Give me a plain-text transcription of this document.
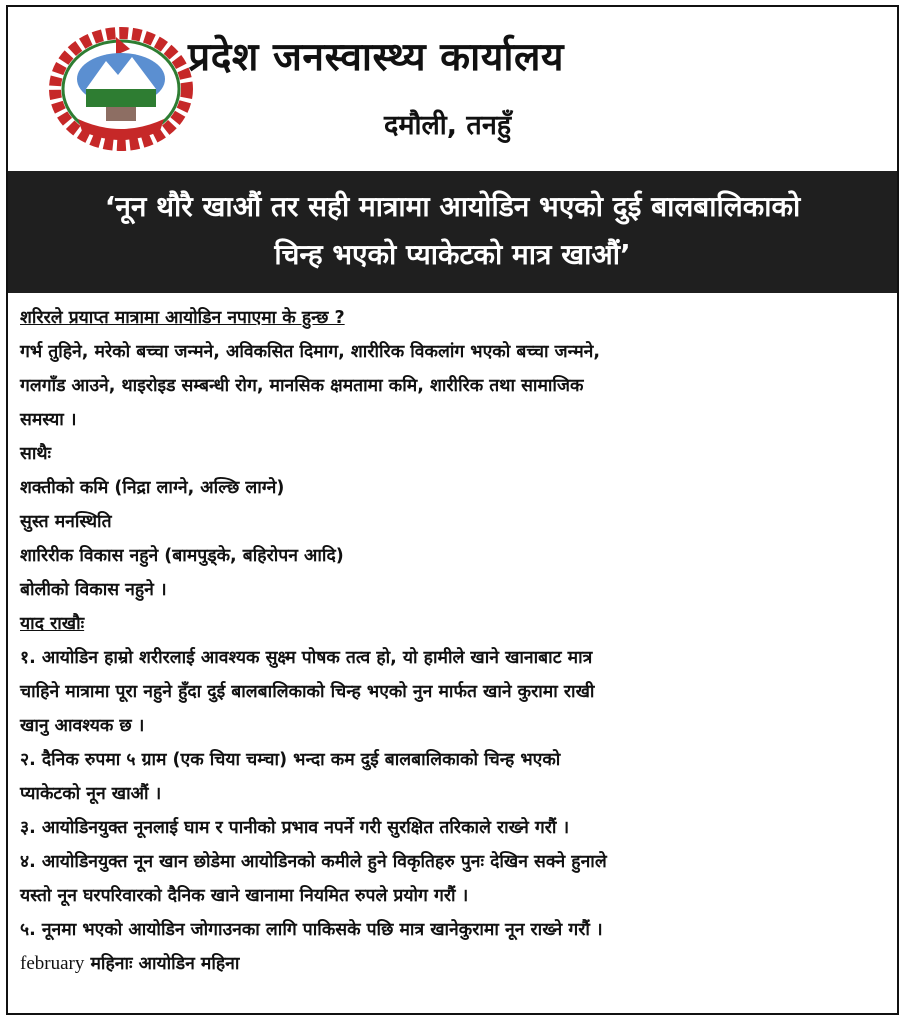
प्रदेश जनस्वास्थ्य कार्यालय
दमौली, तनहुँ
‘नून थौरै खाऔं तर सही मात्रामा आयोडिन भएको दुई बालबालिकाको
चिन्ह भएको प्याकेटको मात्र खाऔं’

शरिरले प्रयाप्त मात्रामा आयोडिन नपाएमा के हुन्छ ?

गर्भ तुहिने, मरेको बच्चा जन्मने, अविकसित दिमाग, शारीरिक विकलांग भएको बच्चा जन्मने,

गलगाँड आउने, थाइरोइड सम्बन्धी रोग, मानसिक क्षमतामा कमि, शारीरिक तथा सामाजिक

समस्या ।

साथैः

शक्तीको कमि (निद्रा लाग्ने, अल्छि लाग्ने)

सुस्त मनस्थिति

शारिरीक विकास नहुने (बामपुड्के, बहिरोपन आदि)

बोलीको विकास नहुने ।

याद राखौः

१. आयोडिन हाम्रो शरीरलाई आवश्यक सुक्ष्म पोषक तत्व हो, यो हामीले खाने खानाबाट मात्र

चाहिने मात्रामा पूरा नहुने हुँदा दुई बालबालिकाको चिन्ह भएको नुन मार्फत खाने कुरामा राखी

खानु आवश्यक छ ।

२. दैनिक रुपमा ५ ग्राम (एक चिया चम्चा) भन्दा कम दुई बालबालिकाको चिन्ह भएको

प्याकेटको नून खाऔं ।

३. आयोडिनयुक्त नूनलाई घाम र पानीको प्रभाव नपर्ने गरी सुरक्षित तरिकाले राख्ने गरौं ।

४. आयोडिनयुक्त नून खान छोडेमा आयोडिनको कमीले हुने विकृतिहरु पुनः देखिन सक्ने हुनाले

यस्तो नून घरपरिवारको दैनिक खाने खानामा नियमित रुपले प्रयोग गरौं ।

५. नूनमा भएको आयोडिन जोगाउनका लागि पाकिसके पछि मात्र खानेकुरामा नून राख्ने गरौं ।

february महिनाः आयोडिन महिना
